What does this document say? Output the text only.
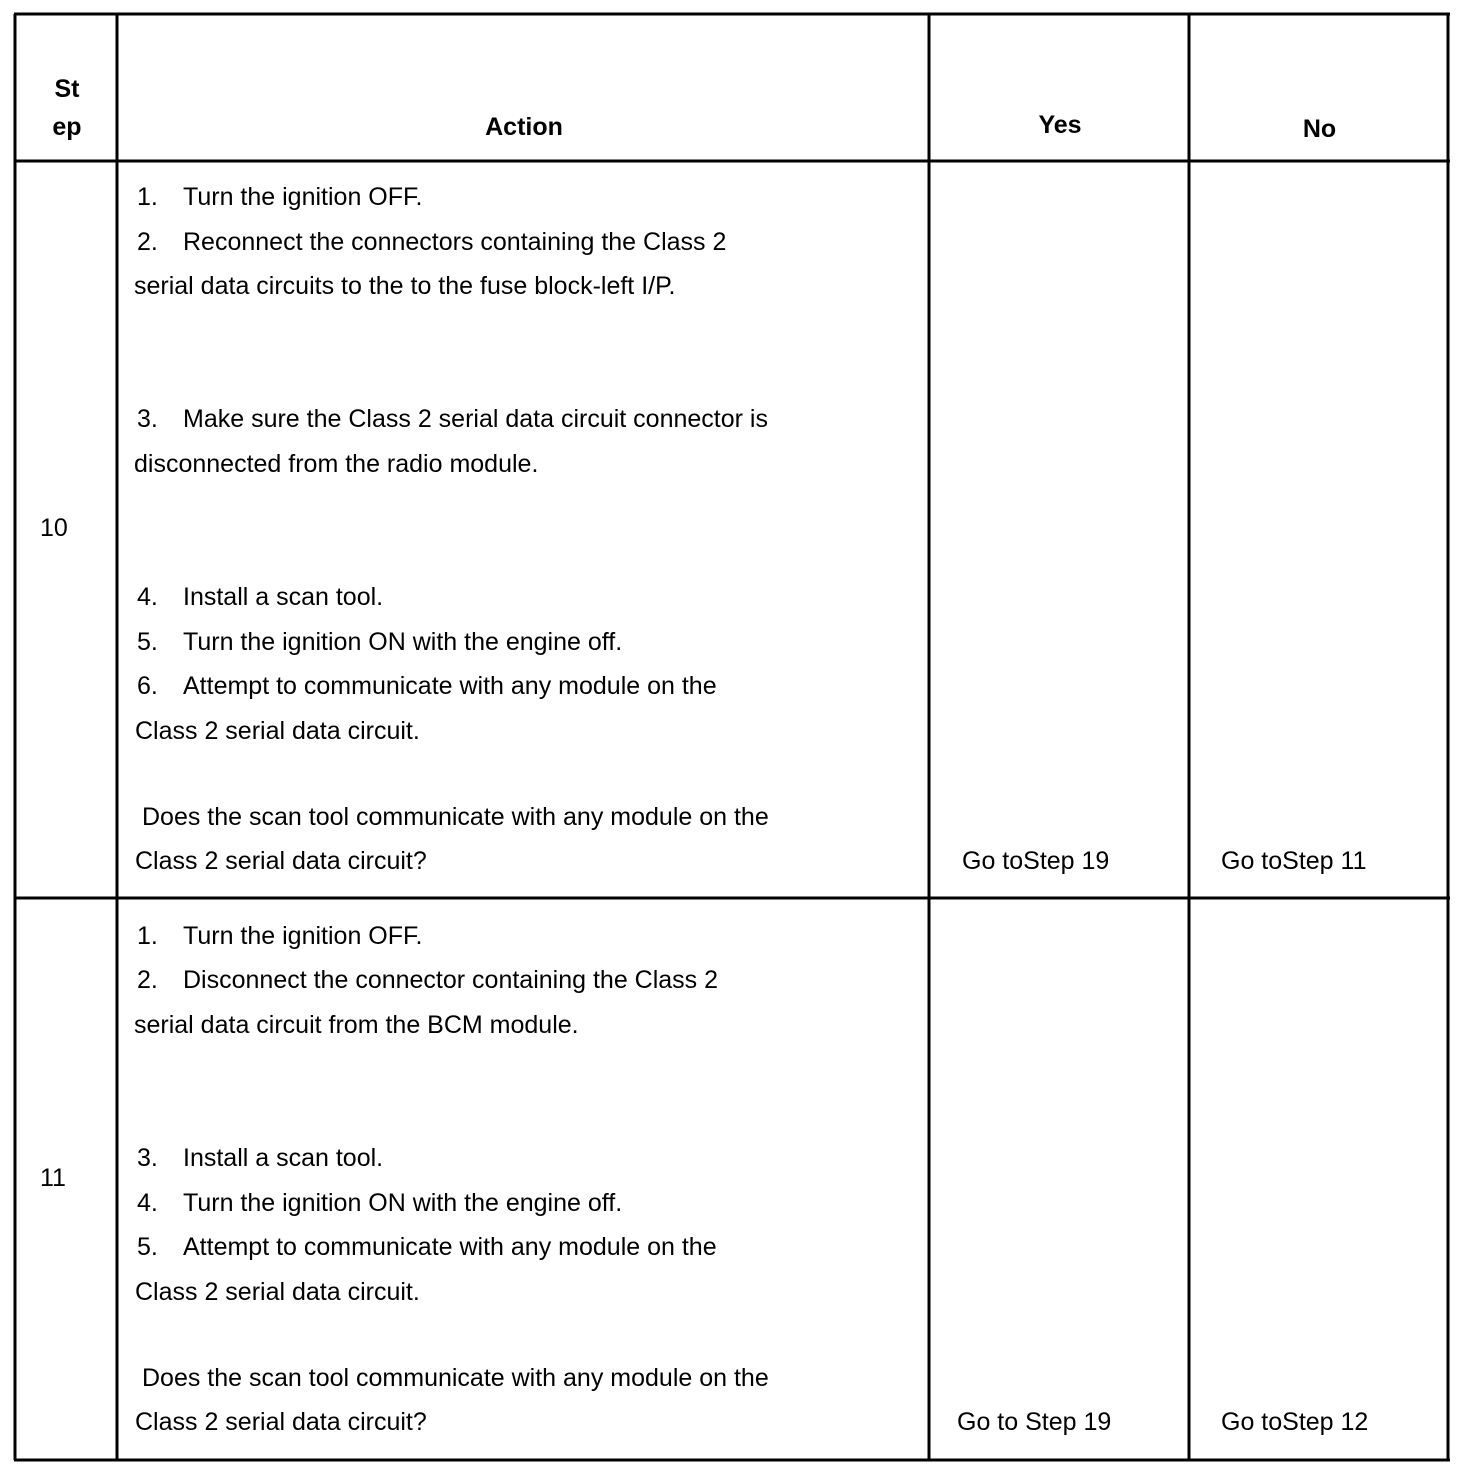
St
ep	Action	Yes	No
10
1. Turn the ignition OFF.
2. Reconnect the connectors containing the Class 2
serial data circuits to the to the fuse block-left I/P.
3. Make sure the Class 2 serial data circuit connector is
disconnected from the radio module.
4. Install a scan tool.
5. Turn the ignition ON with the engine off.
6. Attempt to communicate with any module on the
Class 2 serial data circuit.
Does the scan tool communicate with any module on the
Class 2 serial data circuit?	Go toStep 19	Go toStep 11
11
1. Turn the ignition OFF.
2. Disconnect the connector containing the Class 2
serial data circuit from the BCM module.
3. Install a scan tool.
4. Turn the ignition ON with the engine off.
5. Attempt to communicate with any module on the
Class 2 serial data circuit.
Does the scan tool communicate with any module on the
Class 2 serial data circuit?	Go to Step 19	Go toStep 12
